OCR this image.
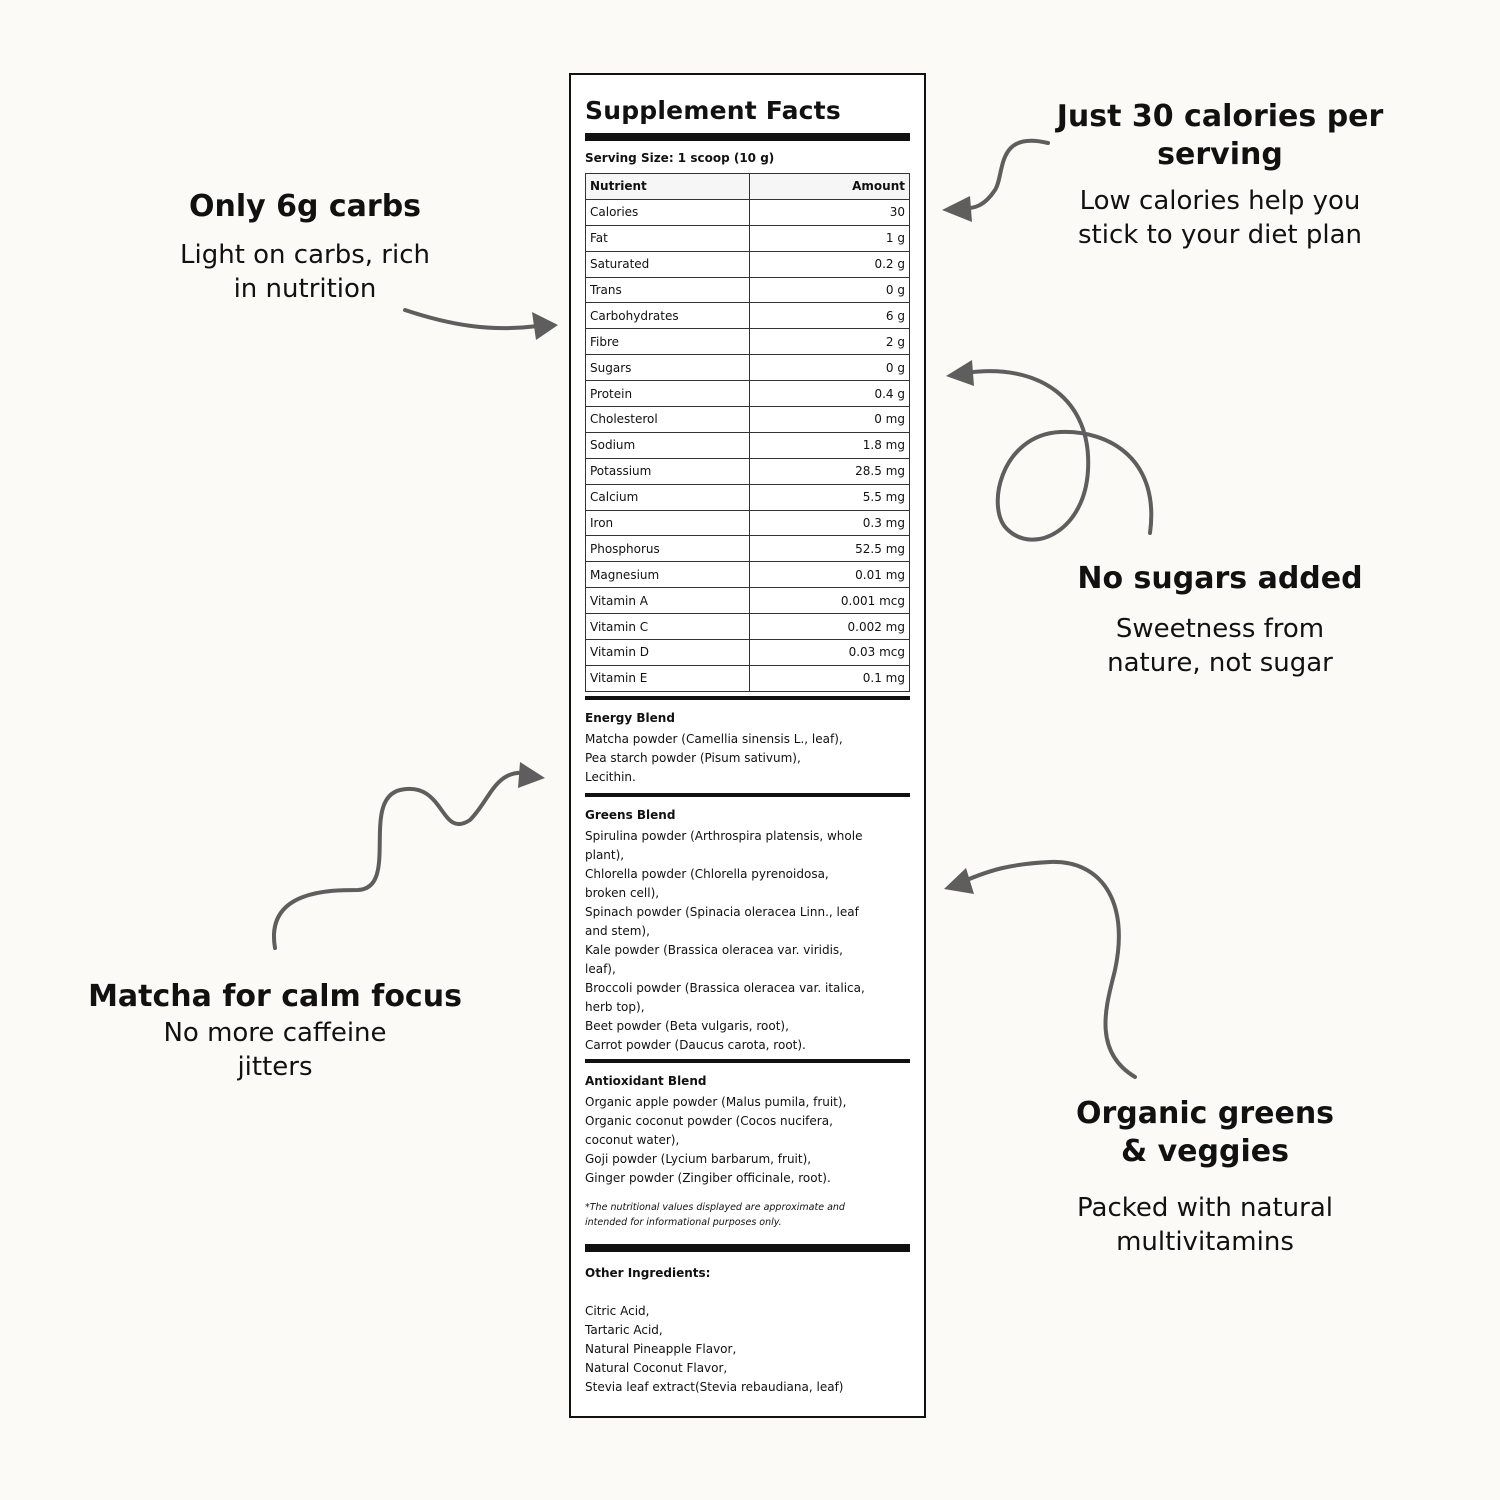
Only 6g carbs
Light on carbs, rich
in nutrition
Just 30 calories per
serving
Low calories help you
stick to your diet plan
No sugars added
Sweetness from
nature, not sugar
Matcha for calm focus
No more caffeine
jitters
Organic greens
& veggies
Packed with natural
multivitamins
Supplement Facts
Serving Size: 1 scoop (10 g)
Nutrient	Amount
Calories	30
Fat	1 g
Saturated	0.2 g
Trans	0 g
Carbohydrates	6 g
Fibre	2 g
Sugars	0 g
Protein	0.4 g
Cholesterol	0 mg
Sodium	1.8 mg
Potassium	28.5 mg
Calcium	5.5 mg
Iron	0.3 mg
Phosphorus	52.5 mg
Magnesium	0.01 mg
Vitamin A	0.001 mcg
Vitamin C	0.002 mg
Vitamin D	0.03 mcg
Vitamin E	0.1 mg
Energy Blend
Matcha powder (Camellia sinensis L., leaf),
Pea starch powder (Pisum sativum),
Lecithin.
Greens Blend
Spirulina powder (Arthrospira platensis, whole
plant),
Chlorella powder (Chlorella pyrenoidosa,
broken cell),
Spinach powder (Spinacia oleracea Linn., leaf
and stem),
Kale powder (Brassica oleracea var. viridis,
leaf),
Broccoli powder (Brassica oleracea var. italica,
herb top),
Beet powder (Beta vulgaris, root),
Carrot powder (Daucus carota, root).
Antioxidant Blend
Organic apple powder (Malus pumila, fruit),
Organic coconut powder (Cocos nucifera,
coconut water),
Goji powder (Lycium barbarum, fruit),
Ginger powder (Zingiber officinale, root).
*The nutritional values displayed are approximate and
intended for informational purposes only.
Other Ingredients:
Citric Acid,
Tartaric Acid,
Natural Pineapple Flavor,
Natural Coconut Flavor,
Stevia leaf extract(Stevia rebaudiana, leaf)
